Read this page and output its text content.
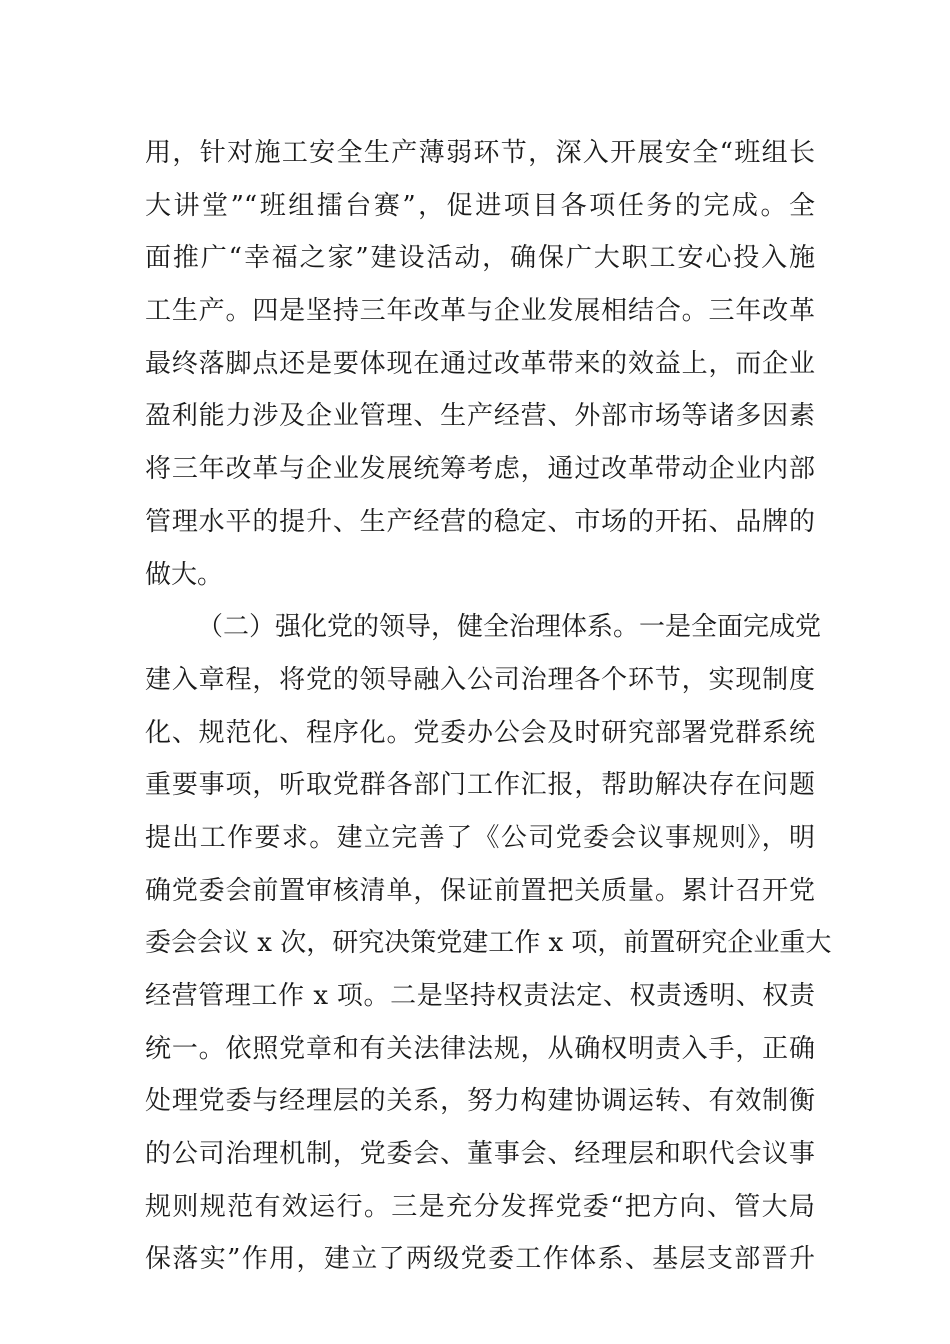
用，针对施工安全生产薄弱环节，深入开展安全“班组长
大讲堂”“班组擂台赛”，促进项目各项任务的完成。全
面推广“幸福之家”建设活动，确保广大职工安心投入施
工生产。四是坚持三年改革与企业发展相结合。三年改革
最终落脚点还是要体现在通过改革带来的效益上，而企业
盈利能力涉及企业管理、生产经营、外部市场等诸多因素
将三年改革与企业发展统筹考虑，通过改革带动企业内部
管理水平的提升、生产经营的稳定、市场的开拓、品牌的
做大。
（二）强化党的领导，健全治理体系。一是全面完成党
建入章程，将党的领导融入公司治理各个环节，实现制度
化、规范化、程序化。党委办公会及时研究部署党群系统
重要事项，听取党群各部门工作汇报，帮助解决存在问题
提出工作要求。建立完善了《公司党委会议事规则》，明
确党委会前置审核清单，保证前置把关质量。累计召开党
委会会议 x 次，研究决策党建工作 x 项，前置研究企业重大
经营管理工作 x 项。二是坚持权责法定、权责透明、权责
统一。依照党章和有关法律法规，从确权明责入手，正确
处理党委与经理层的关系，努力构建协调运转、有效制衡
的公司治理机制，党委会、董事会、经理层和职代会议事
规则规范有效运行。三是充分发挥党委“把方向、管大局
保落实”作用，建立了两级党委工作体系、基层支部晋升
